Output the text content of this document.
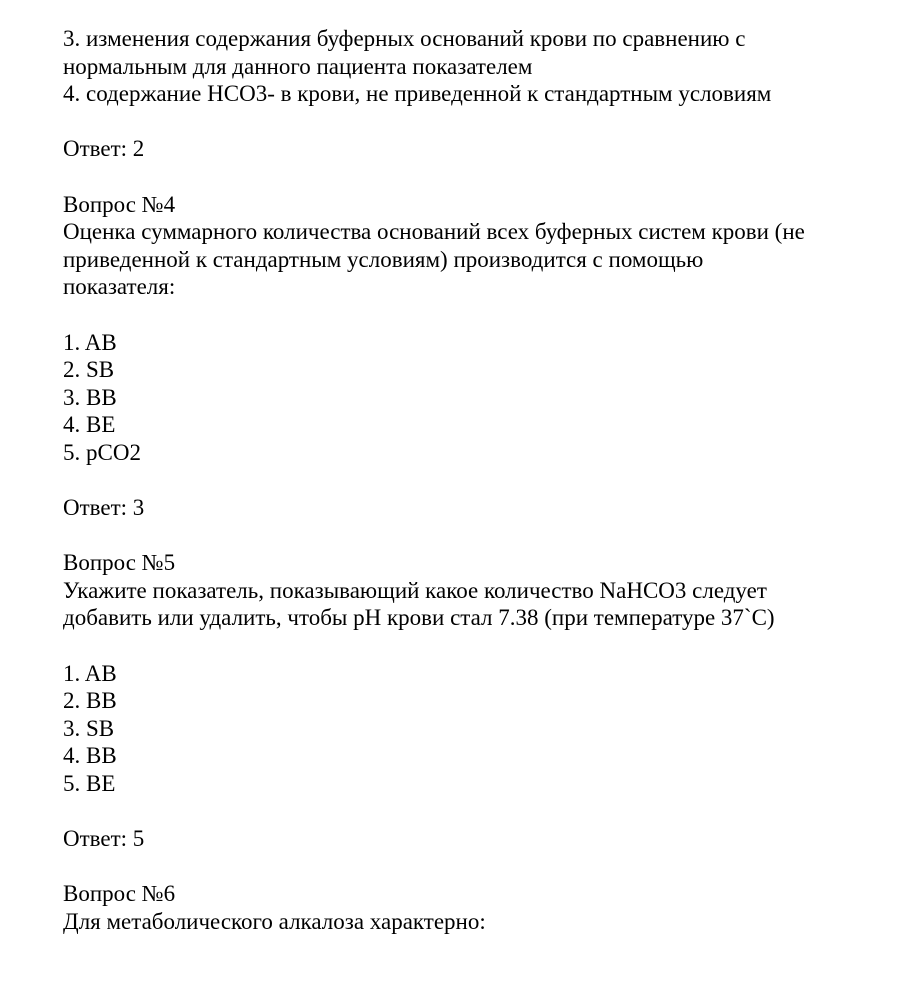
3. изменения содержания буферных оснований крови по сравнению с
нормальным для данного пациента показателем
4. содержание НСО3- в крови, не приведенной к стандартным условиям
Ответ: 2
Вопрос №4
Оценка суммарного количества оснований всех буферных систем крови (не
приведенной к стандартным условиям) производится с помощью
показателя:
1. AB
2. SB
3. BB
4. BE
5. pCO2
Ответ: 3
Вопрос №5
Укажите показатель, показывающий какое количество NaHCO3 следует
добавить или удалить, чтобы pH крови стал 7.38 (при температуре 37`C)
1. AB
2. BB
3. SB
4. BB
5. BE
Ответ: 5
Вопрос №6
Для метаболического алкалоза характерно:
